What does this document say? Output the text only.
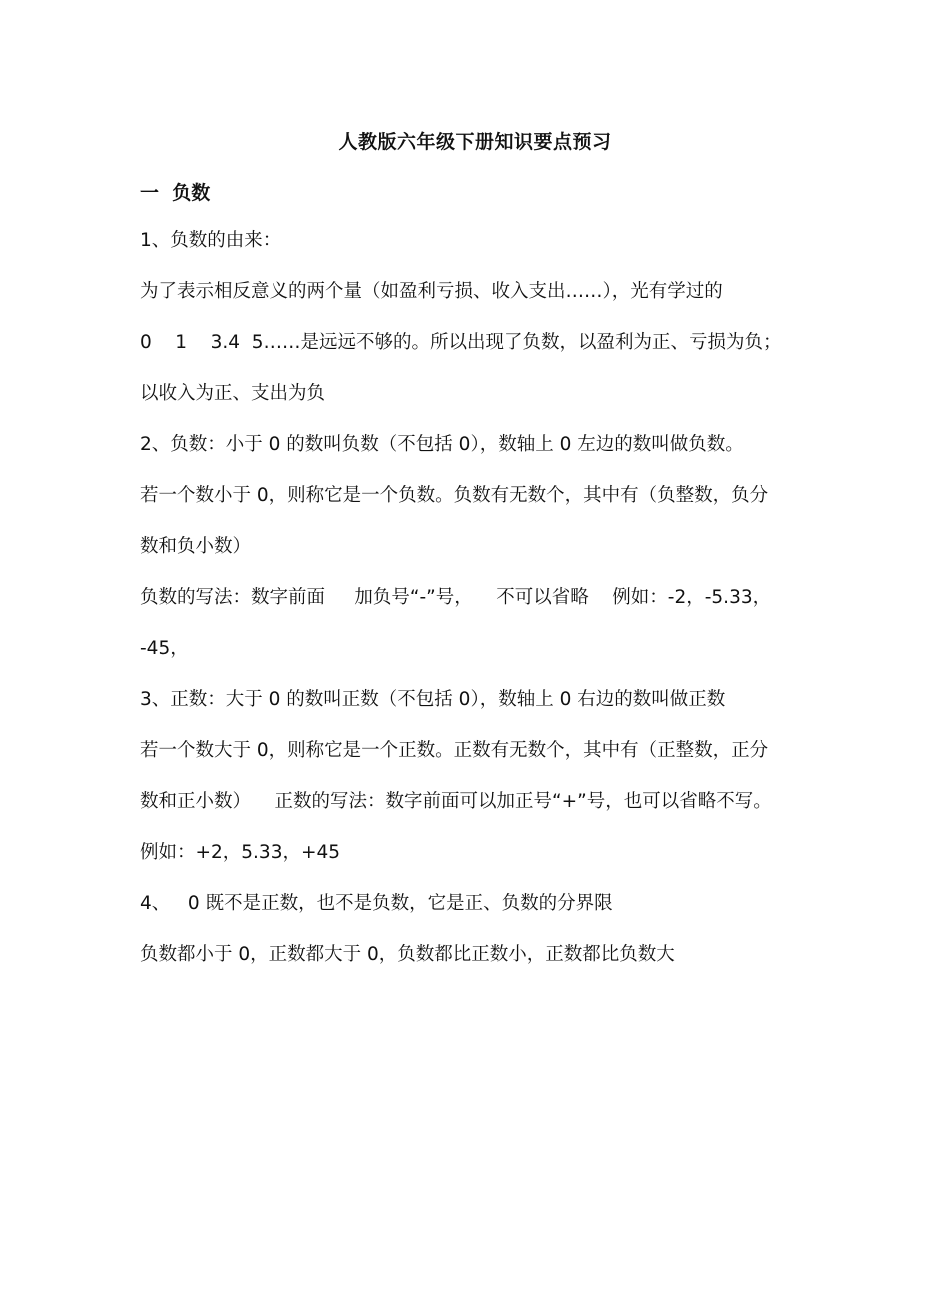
人教版六年级下册知识要点预习
一  负数
1、负数的由来：
为了表示相反意义的两个量（如盈利亏损、收入支出……），光有学过的
0    1    3.4  5……是远远不够的。所以出现了负数，以盈利为正、亏损为负；
以收入为正、支出为负
2、负数：小于 0 的数叫负数（不包括 0），数轴上 0 左边的数叫做负数。
若一个数小于 0，则称它是一个负数。负数有无数个，其中有（负整数，负分
数和负小数）
负数的写法：数字前面     加负号“-”号，    不可以省略    例如：-2，-5.33，
-45，
3、正数：大于 0 的数叫正数（不包括 0），数轴上 0 右边的数叫做正数
若一个数大于 0，则称它是一个正数。正数有无数个，其中有（正整数，正分
数和正小数）    正数的写法：数字前面可以加正号“+”号，也可以省略不写。
例如：+2，5.33，+45
4、   0 既不是正数，也不是负数，它是正、负数的分界限
负数都小于 0，正数都大于 0，负数都比正数小，正数都比负数大
